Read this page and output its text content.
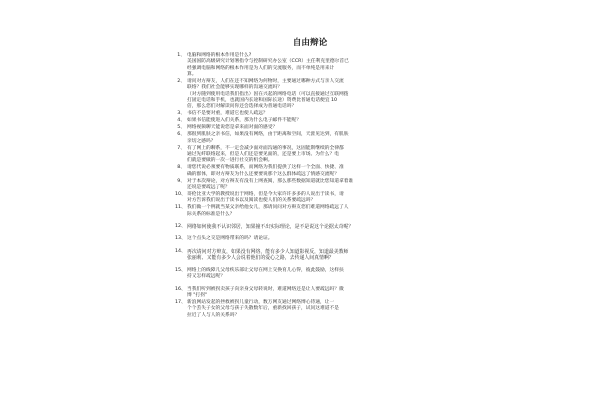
自由辩论
1、 电脑和网络的根本作用是什么?
美国国防高级研究计划署指令与控制研究办公室（CCR）主任利克里德尔首已
经强调电脑和网络的根本作用是为人们的交流服务，而不单纯是用来计
算。
2、 请问对方辩友，人们在还不知网络为何物时，主要通过哪种方式与亲人交流
联络？我们社会能够实现哪样的沟通交流吗？
（对方随到使用电话我们指出）因在兴起的网络电话（可以直接通过互联网拨
打固定电话和手机，也就国内长途和国际长途）资费比普通电话便宜 10
倍，那么您们对解读问你还会选择成为普通电话吗？
3、 书信不是要对重，难道它也使人疏远？
4、 如果书信能使进入们关系，那为什么电子邮件不能呢？
5、 网络视频聊天能说您是拿来面对面的感受？
6、 那很到肌肤之亲书信，如果没有网络，由于距离和空间，天涯见达到，有肌肤
亲切之感吗？
7、 有了网上的聊系，不一定会减少面对面沟通的事况，这固能斯继续的全律都
通过先纤联络起来，但是人们还是要见面的，还是要上市场。为什么？电
们就是要做的一次一进行社交的机会啊。
8、 请您代说必须要有物质联系，而网络为我们提供了这样一个全面、快捷、准
确的群体，即对方辩友为什么还要要说那个这么群体疏远了情感交流呢？
9、 对于本次辩论，对方辩友有没有上网查阅，那么那些数据知道就比您知道拿着谁
还说是要疏远了呢？
10、 哥伦比亚大学的教授说出于网络，但是今大家许许多多的人说出于读书，请
对方告诉我们说出于读书以及阅读也使人们的关系要疏远吗？
11、 我们做一个例就当某父亲给他女儿，那请问问对方辩友您们难道网络疏远了人
际关系的标准是什么？
12、 网络如何使我不认识邻居，知果撞不出实际理论，是不是说这个论据太奇呢？
13、 这个点头之交是网络带来的吗？请论证。
14、 再次请问对方辩友，如果没有网络，能有多少人知道影视反，知道最美教师
张丽莉、又能有多少人会说着他们的爱心之路，去传递人间真情啊？
15、 网络上的线障儿父母疾乐部让父母在网上交换育儿心得，彼此鼓励，这样扶
持又怎样疏远呢？
16、 当我们听到被拐卖孩子向亲身父母转说时，难道网络还是让人要疏远吗？微
博 "打拐"
17、 新浪网站发起的拯救被拐儿童行动，数万网友通过网络博心待通，让一
个个丢失子女的父母与孩子失散数年后，重新找回孩子，试问这难道不是
拉近了人与人的关系吗？
